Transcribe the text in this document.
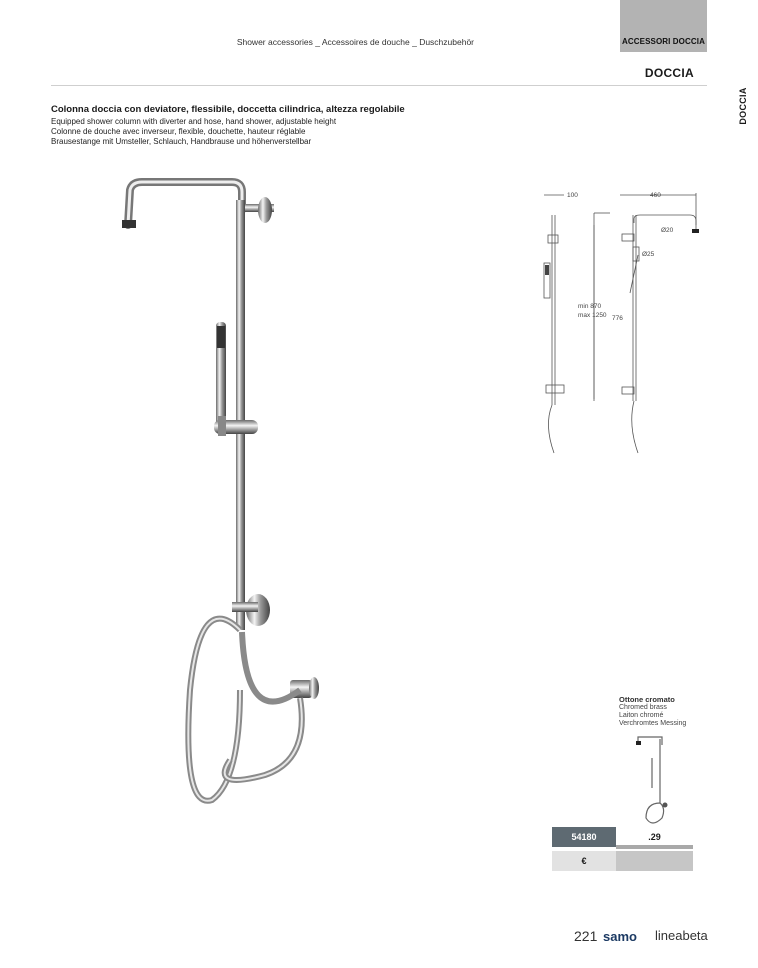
Shower accessories _ Accessoires de douche _ Duschzubehör	ACCESSORI DOCCIA
DOCCIA
DOCCIA
Colonna doccia con deviatore, flessibile, doccetta cilindrica, altezza regolabile
Equipped shower column with diverter and hose, hand shower, adjustable height
Colonne de douche avec inverseur, flexible, douchette, hauteur réglable
Brausestange mit Umsteller, Schlauch, Handbrause und höhenverstellbar
100	460
Ø20
Ø25
min 870
max 1250 776
Ottone cromato
Chromed brass
Laiton chromé
Verchromtes Messing
54180	.29
€
221 samo lineabeta
